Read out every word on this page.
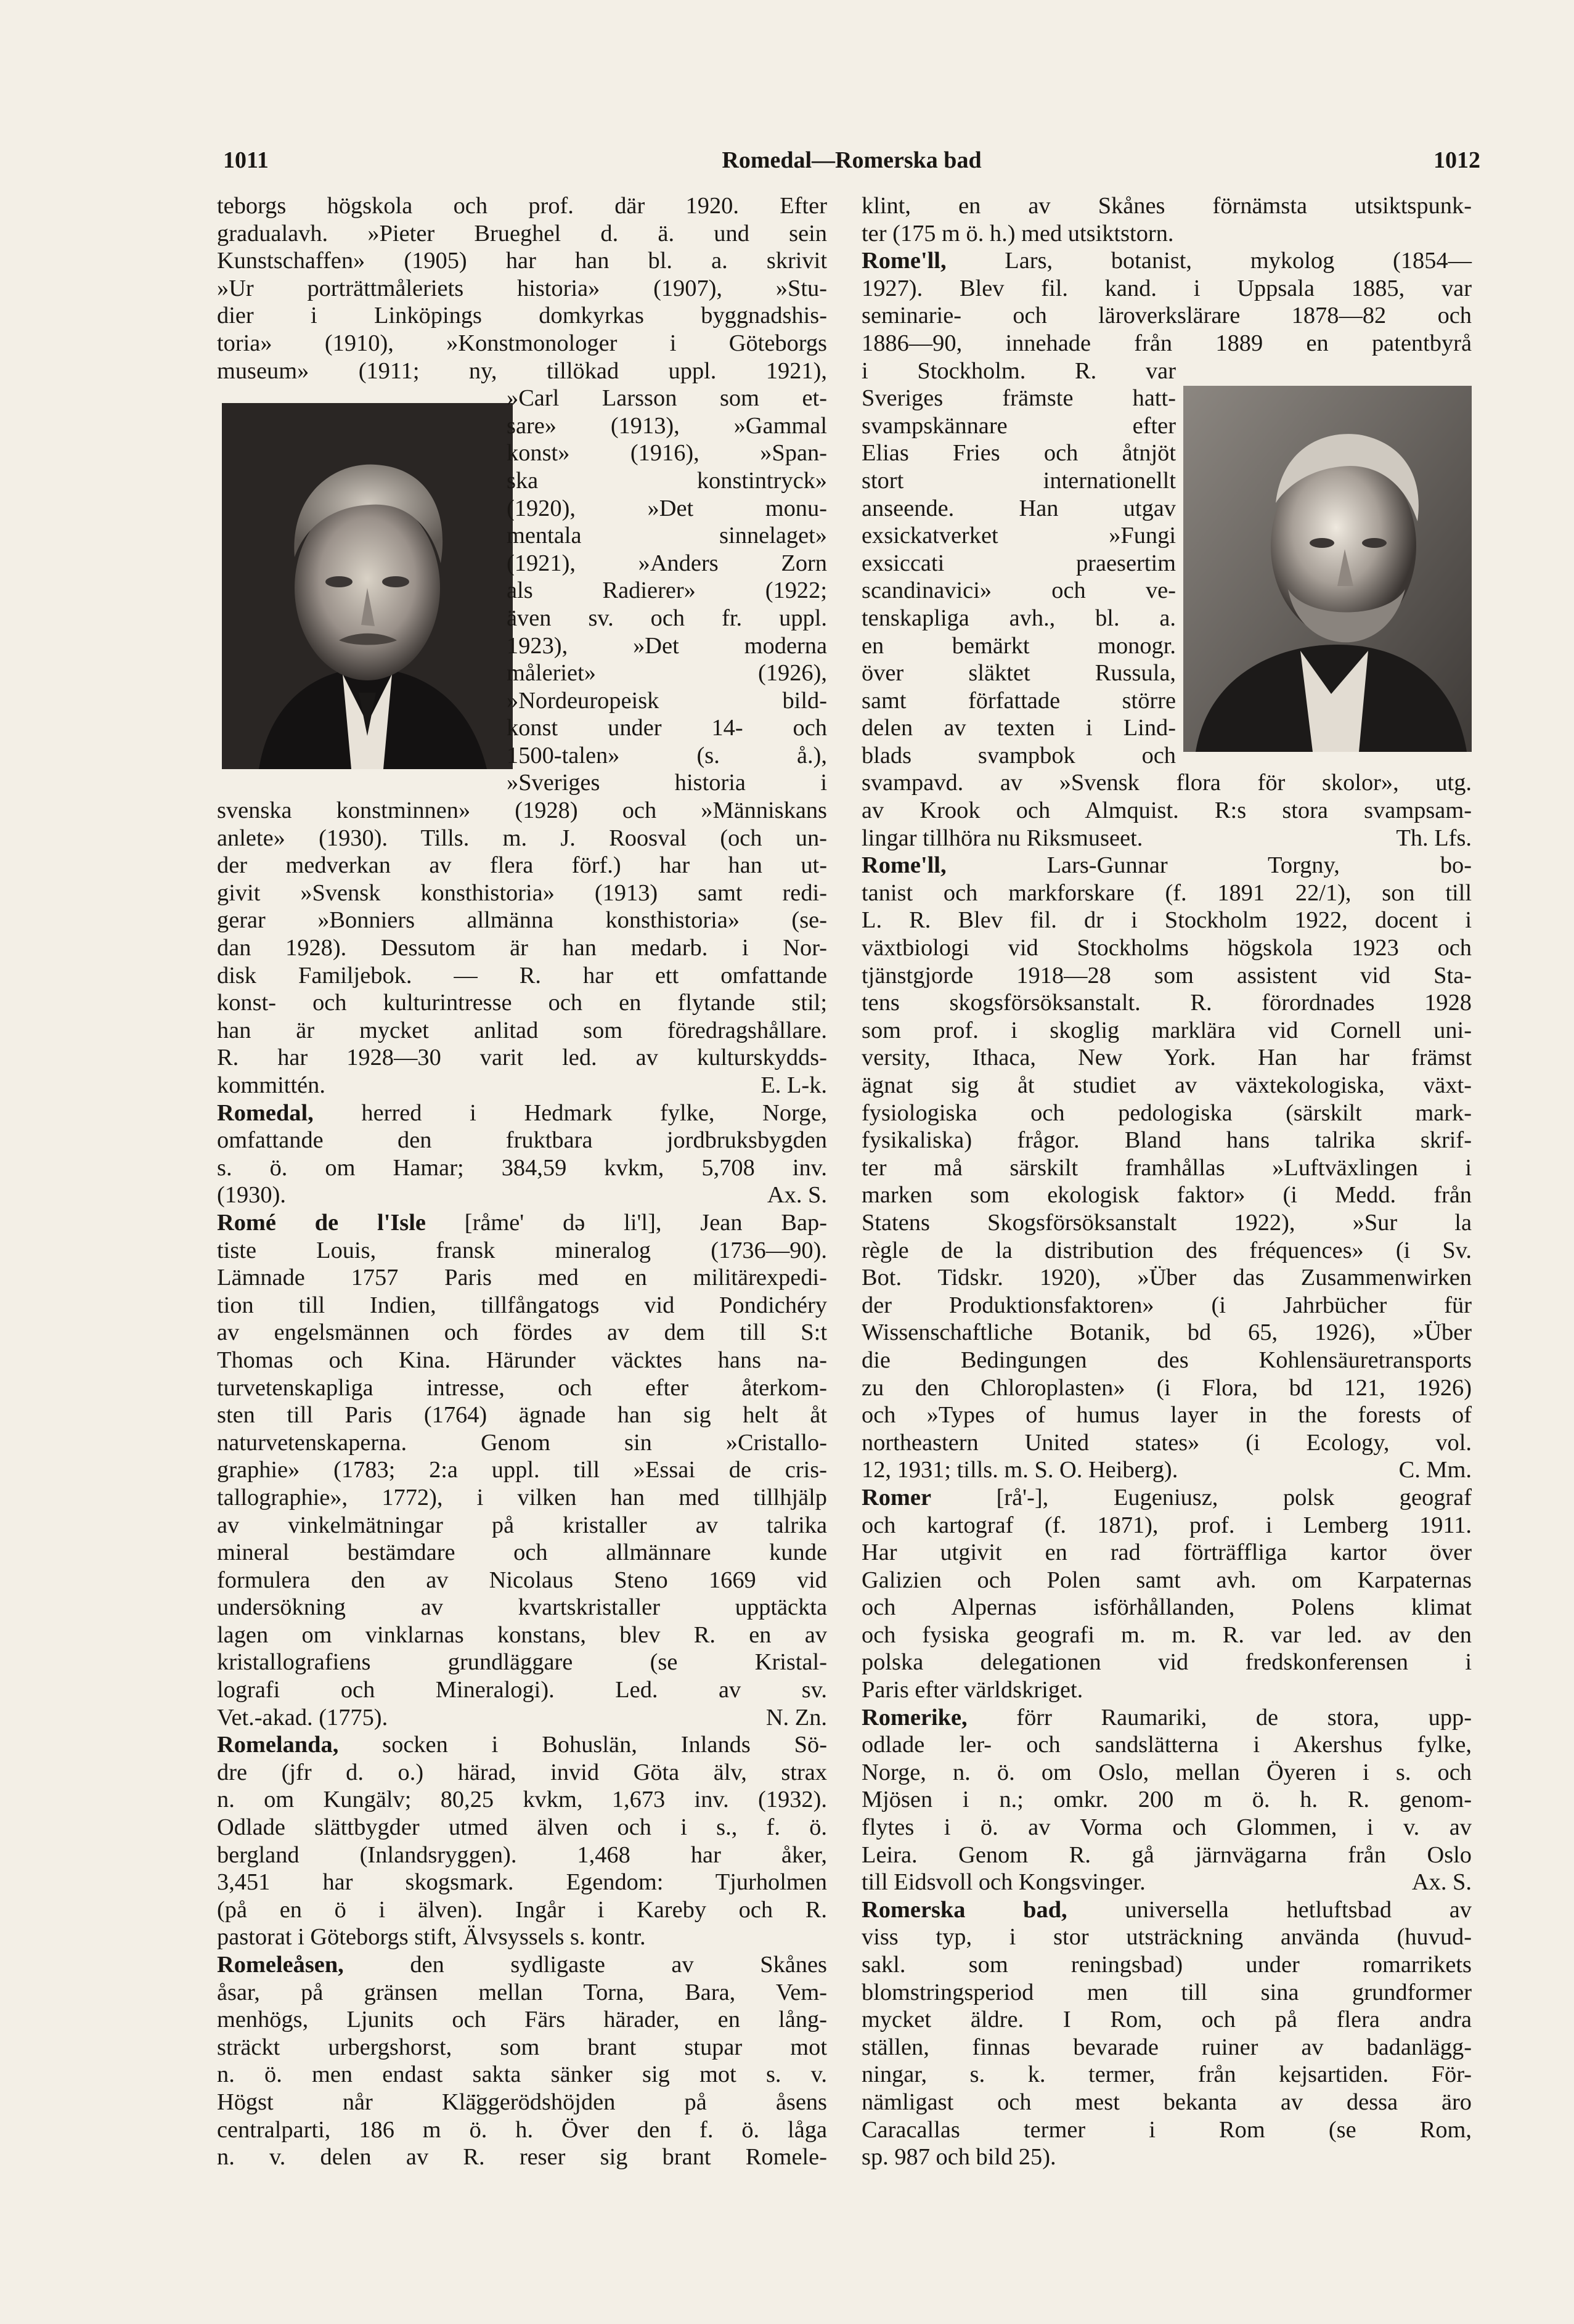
1011	Romedal—Romerska bad	1012
teborgs högskola och prof. där 1920. Efter
gradualavh. »Pieter Brueghel d. ä. und sein
Kunstschaffen» (1905) har han bl. a. skrivit
»Ur porträttmåleriets historia» (1907), »Stu-
dier i Linköpings domkyrkas byggnadshis-
toria» (1910), »Konstmonologer i Göteborgs
museum» (1911; ny, tillökad uppl. 1921),
»Carl Larsson som et-
sare» (1913), »Gammal
konst» (1916), »Span-
ska konstintryck»
(1920), »Det monu-
mentala sinnelaget»
(1921), »Anders Zorn
als Radierer» (1922;
även sv. och fr. uppl.
1923), »Det moderna
måleriet» (1926),
»Nordeuropeisk bild-
konst under 14- och
1500-talen» (s. å.),
»Sveriges historia i
svenska konstminnen» (1928) och »Människans
anlete» (1930). Tills. m. J. Roosval (och un-
der medverkan av flera förf.) har han ut-
givit »Svensk konsthistoria» (1913) samt redi-
gerar »Bonniers allmänna konsthistoria» (se-
dan 1928). Dessutom är han medarb. i Nor-
disk Familjebok. — R. har ett omfattande
konst- och kulturintresse och en flytande stil;
han är mycket anlitad som föredragshållare.
R. har 1928—30 varit led. av kulturskydds-
kommittén.	E. L-k.
Romedal, herred i Hedmark fylke, Norge,
omfattande den fruktbara jordbruksbygden
s. ö. om Hamar; 384,59 kvkm, 5,708 inv.
(1930).	Ax. S.
Romé de l'Isle [råme' də li'l], Jean Bap-
tiste Louis, fransk mineralog (1736—90).
Lämnade 1757 Paris med en militärexpedi-
tion till Indien, tillfångatogs vid Pondichéry
av engelsmännen och fördes av dem till S:t
Thomas och Kina. Härunder väcktes hans na-
turvetenskapliga intresse, och efter återkom-
sten till Paris (1764) ägnade han sig helt åt
naturvetenskaperna. Genom sin »Cristallo-
graphie» (1783; 2:a uppl. till »Essai de cris-
tallographie», 1772), i vilken han med tillhjälp
av vinkelmätningar på kristaller av talrika
mineral bestämdare och allmännare kunde
formulera den av Nicolaus Steno 1669 vid
undersökning av kvartskristaller upptäckta
lagen om vinklarnas konstans, blev R. en av
kristallografiens grundläggare (se Kristal-
lografi och Mineralogi). Led. av sv.
Vet.-akad. (1775).	N. Zn.
Romelanda, socken i Bohuslän, Inlands Sö-
dre (jfr d. o.) härad, invid Göta älv, strax
n. om Kungälv; 80,25 kvkm, 1,673 inv. (1932).
Odlade slättbygder utmed älven och i s., f. ö.
bergland (Inlandsryggen). 1,468 har åker,
3,451 har skogsmark. Egendom: Tjurholmen
(på en ö i älven). Ingår i Kareby och R.
pastorat i Göteborgs stift, Älvsyssels s. kontr.
Romeleåsen, den sydligaste av Skånes
åsar, på gränsen mellan Torna, Bara, Vem-
menhögs, Ljunits och Färs härader, en lång-
sträckt urbergshorst, som brant stupar mot
n. ö. men endast sakta sänker sig mot s. v.
Högst når Klä̈ggerödshöjden på åsens
centralparti, 186 m ö. h. Över den f. ö. låga
n. v. delen av R. reser sig brant Romele-
klint, en av Skånes förnämsta utsiktspunk-
ter (175 m ö. h.) med utsiktstorn.
Rome'll, Lars, botanist, mykolog (1854—
1927). Blev fil. kand. i Uppsala 1885, var
seminarie- och läroverkslärare 1878—82 och
1886—90, innehade från 1889 en patentbyrå
i Stockholm. R. var
Sveriges främste hatt-
svampskännare efter
Elias Fries och åtnjöt
stort internationellt
anseende. Han utgav
exsickatverket »Fungi
exsiccati praesertim
scandinavici» och ve-
tenskapliga avh., bl. a.
en bemärkt monogr.
över släktet Russula,
samt författade större
delen av texten i Lind-
blads svampbok och
svampavd. av »Svensk flora för skolor», utg.
av Krook och Almquist. R:s stora svampsam-
lingar tillhöra nu Riksmuseet.	Th. Lfs.
Rome'll, Lars-Gunnar Torgny, bo-
tanist och markforskare (f. 1891 22/1), son till
L. R. Blev fil. dr i Stockholm 1922, docent i
växtbiologi vid Stockholms högskola 1923 och
tjänstgjorde 1918—28 som assistent vid Sta-
tens skogsförsöksanstalt. R. förordnades 1928
som prof. i skoglig marklära vid Cornell uni-
versity, Ithaca, New York. Han har främst
ägnat sig åt studiet av växtekologiska, växt-
fysiologiska och pedologiska (särskilt mark-
fysikaliska) frågor. Bland hans talrika skrif-
ter må särskilt framhållas »Luftväxlingen i
marken som ekologisk faktor» (i Medd. från
Statens Skogsförsöksanstalt 1922), »Sur la
règle de la distribution des fréquences» (i Sv.
Bot. Tidskr. 1920), »Über das Zusammenwirken
der Produktionsfaktoren» (i Jahrbücher für
Wissenschaftliche Botanik, bd 65, 1926), »Über
die Bedingungen des Kohlensäuretransports
zu den Chloroplasten» (i Flora, bd 121, 1926)
och »Types of humus layer in the forests of
northeastern United states» (i Ecology, vol.
12, 1931; tills. m. S. O. Heiberg).	C. Mm.
Romer [rå'-], Eugeniusz, polsk geograf
och kartograf (f. 1871), prof. i Lemberg 1911.
Har utgivit en rad förträffliga kartor över
Galizien och Polen samt avh. om Karpaternas
och Alpernas isförhållanden, Polens klimat
och fysiska geografi m. m. R. var led. av den
polska delegationen vid fredskonferensen i
Paris efter världskriget.
Romerike, förr Raumariki, de stora, upp-
odlade ler- och sandslätterna i Akershus fylke,
Norge, n. ö. om Oslo, mellan Öyeren i s. och
Mjösen i n.; omkr. 200 m ö. h. R. genom-
flytes i ö. av Vorma och Glommen, i v. av
Leira. Genom R. gå järnvägarna från Oslo
till Eidsvoll och Kongsvinger.	Ax. S.
Romerska bad, universella hetluftsbad av
viss typ, i stor utsträckning använda (huvud-
sakl. som reningsbad) under romarrikets
blomstringsperiod men till sina grundformer
mycket äldre. I Rom, och på flera andra
ställen, finnas bevarade ruiner av badanlägg-
ningar, s. k. termer, från kejsartiden. För-
nämligast och mest bekanta av dessa äro
Caracallas termer i Rom (se Rom,
sp. 987 och bild 25).
